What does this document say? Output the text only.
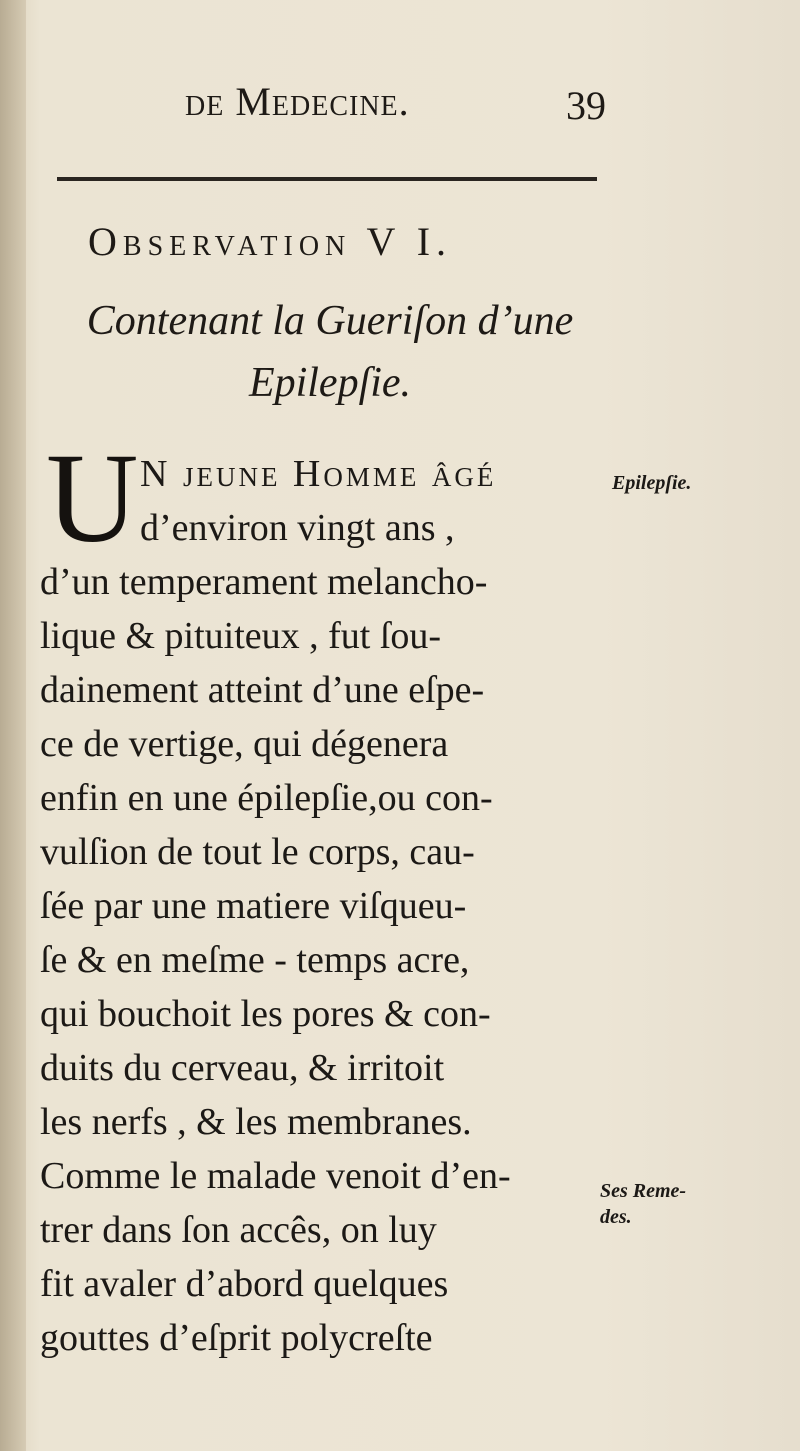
de Medecine.	39
Observation V I.
Contenant la Gueriſon d’une
Epilepſie.
U N jeune Homme âgé
d’environ vingt ans ,
d’un temperament melancho-
lique & pituiteux , fut ſou-
dainement atteint d’une eſpe-
ce de vertige, qui dégenera
enfin en une épilepſie,ou con-
vulſion de tout le corps, cau-
ſée par une matiere viſqueu-
ſe & en meſme - temps acre,
qui bouchoit les pores & con-
duits du cerveau, & irritoit
les nerfs , & les membranes.
Comme le malade venoit d’en-
trer dans ſon accês, on luy
fit avaler d’abord quelques
gouttes d’eſprit polycreſte
Epilepſie.
Ses Reme-
des.
